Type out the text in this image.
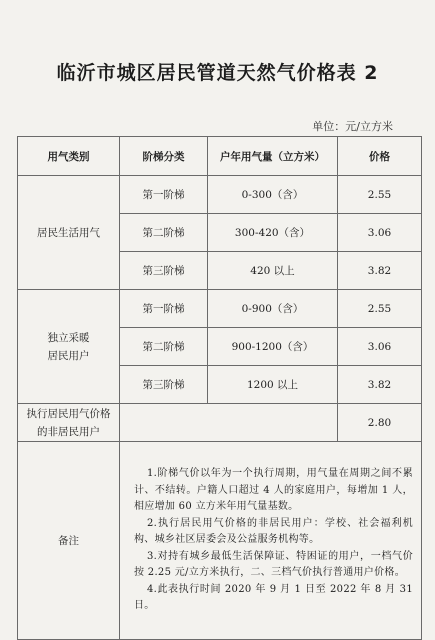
临沂市城区居民管道天然气价格表 2
单位：元/立方米
用气类别	阶梯分类	户年用气量（立方米）	价格
居民生活用气	第一阶梯	0-300（含）	2.55
	第二阶梯	300-420（含）	3.06
	第三阶梯	420 以上	3.82

独立采暖
居民用户	第一阶梯	0-900（含）	2.55
	第二阶梯	900-1200（含）	3.06
	第三阶梯	1200 以上	3.82

执行居民用气价格
的非居民用户			2.80
备注	1.阶梯气价以年为一个执行周期，用气量在周期之间不累计、不结转。户籍人口超过 4 人的家庭用户，每增加 1 人，相应增加 60 立方米年用气量基数。

2.执行居民用气价格的非居民用户：学校、社会福利机构、城乡社区居委会及公益服务机构等。

3.对持有城乡最低生活保障证、特困证的用户，一档气价按 2.25 元/立方米执行，二、三档气价执行普通用户价格。

4.此表执行时间 2020 年 9 月 1 日至 2022 年 8 月 31 日。		
